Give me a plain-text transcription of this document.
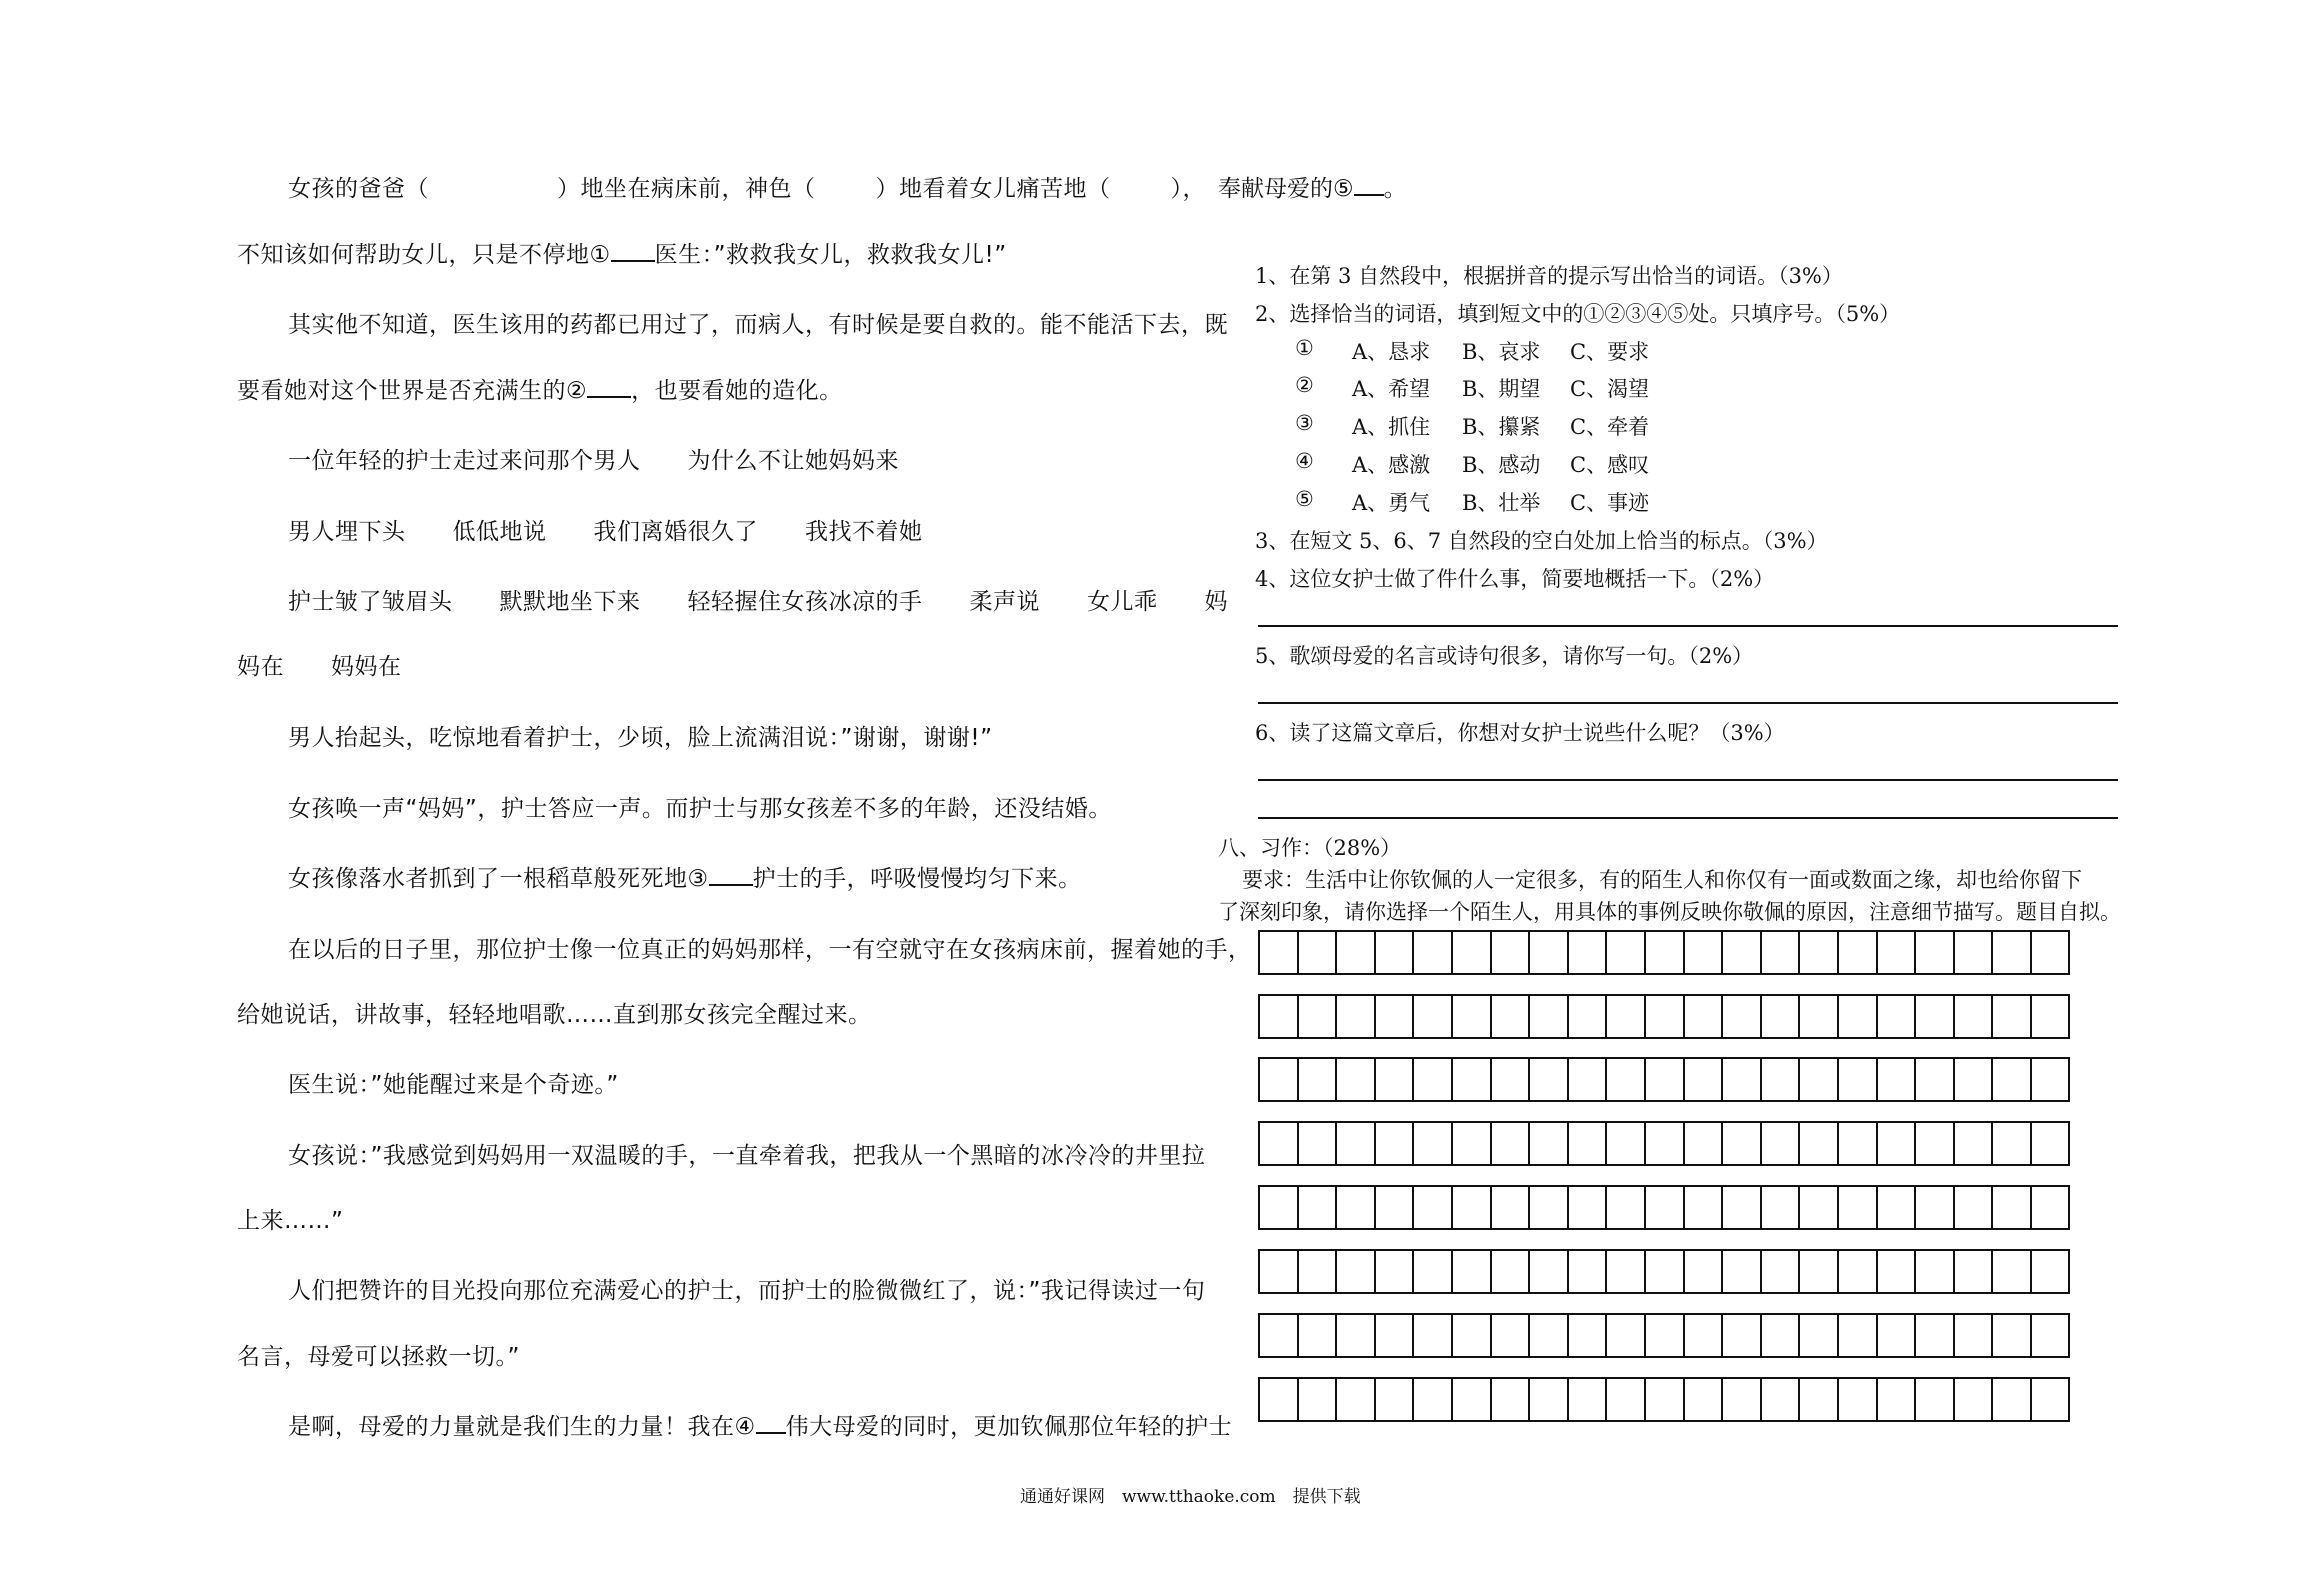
女孩的爸爸（	）地坐在病床前，神色（	）地看着女儿痛苦地（	），
不知该如何帮助女儿，只是不停地① 医生：”救救我女儿，救救我女儿!”
其实他不知道，医生该用的药都已用过了，而病人，有时候是要自救的。能不能活下去，既
要看她对这个世界是否充满生的② ，也要看她的造化。
一位年轻的护士走过来问那个男人　　为什么不让她妈妈来
男人埋下头　　低低地说　　我们离婚很久了　　我找不着她
护士皱了皱眉头　　默默地坐下来　　轻轻握住女孩冰凉的手　　柔声说　　女儿乖　　妈
妈在　　妈妈在
男人抬起头，吃惊地看着护士，少顷，脸上流满泪说：”谢谢，谢谢!”
女孩唤一声“妈妈”，护士答应一声。而护士与那女孩差不多的年龄，还没结婚。
女孩像落水者抓到了一根稻草般死死地③ 护士的手，呼吸慢慢均匀下来。
在以后的日子里，那位护士像一位真正的妈妈那样，一有空就守在女孩病床前，握着她的手，
给她说话，讲故事，轻轻地唱歌……直到那女孩完全醒过来。
医生说：”她能醒过来是个奇迹。”
女孩说：”我感觉到妈妈用一双温暖的手，一直牵着我，把我从一个黑暗的冰冷冷的井里拉
上来……”
人们把赞许的目光投向那位充满爱心的护士，而护士的脸微微红了，说：”我记得读过一句
名言，母爱可以拯救一切。”
是啊，母爱的力量就是我们生的力量！我在④ 伟大母爱的同时，更加钦佩那位年轻的护士
奉献母爱的⑤ 。
1、在第 3 自然段中，根据拼音的提示写出恰当的词语。（3%）
2、选择恰当的词语，填到短文中的①②③④⑤处。只填序号。（5%）
① A、恳求 B、哀求 C、要求
② A、希望 B、期望 C、渴望
③ A、抓住 B、攥紧 C、牵着
④ A、感激 B、感动 C、感叹
⑤ A、勇气 B、壮举 C、事迹
3、在短文 5、6、7 自然段的空白处加上恰当的标点。（3%）
4、这位女护士做了件什么事，简要地概括一下。（2%）
5、歌颂母爱的名言或诗句很多，请你写一句。（2%）
6、读了这篇文章后，你想对女护士说些什么呢？（3%）
八、习作：（28%）
要求：生活中让你钦佩的人一定很多，有的陌生人和你仅有一面或数面之缘，却也给你留下
了深刻印象，请你选择一个陌生人，用具体的事例反映你敬佩的原因，注意细节描写。题目自拟。
通通好课网　www.tthaoke.com　提供下载
